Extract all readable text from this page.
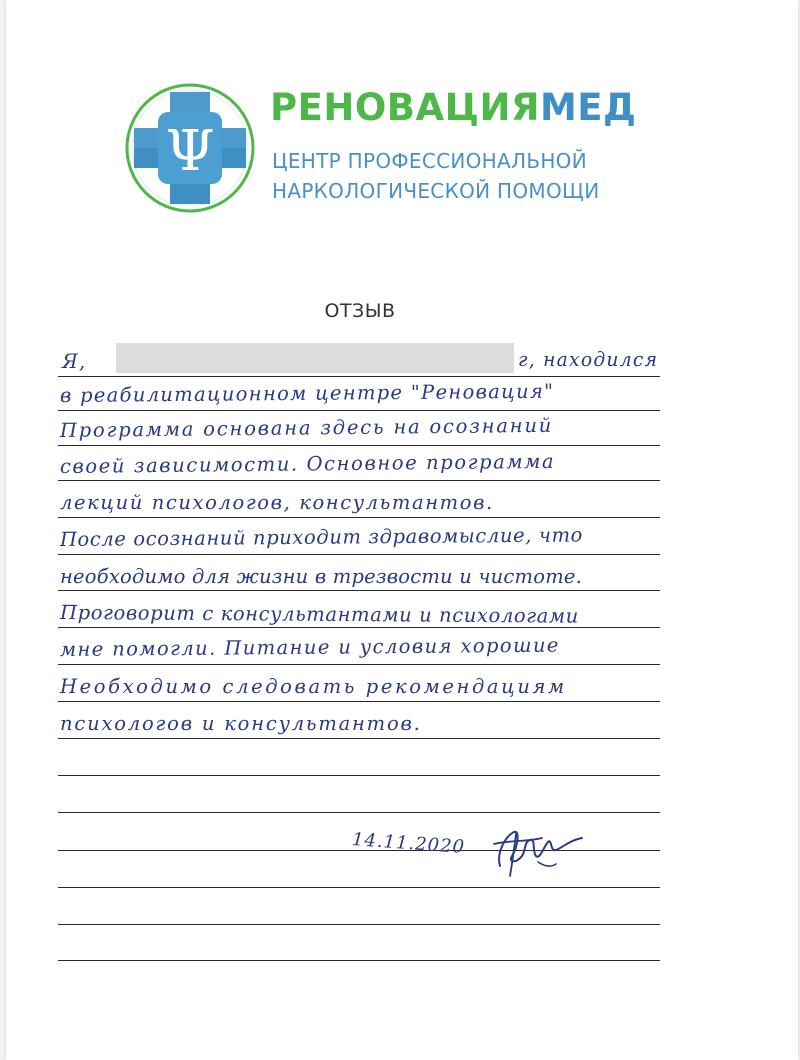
Ψ
РЕНОВАЦИЯМЕД
ЦЕНТР ПРОФЕССИОНАЛЬНОЙ
НАРКОЛОГИЧЕСКОЙ ПОМОЩИ
ОТЗЫВ
Я,	г, находился
в реабилитационном центре "Реновация"
Программа основана здесь на осознаний
своей зависимости. Основное программа
лекций психологов, консультантов.
После осознаний приходит здравомыслие, что
необходимо для жизни в трезвости и чистоте.
Проговорит с консультантами и психологами
мне помогли. Питание и условия хорошие
Необходимо следовать рекомендациям
психологов и консультантов.
14.11.2020
